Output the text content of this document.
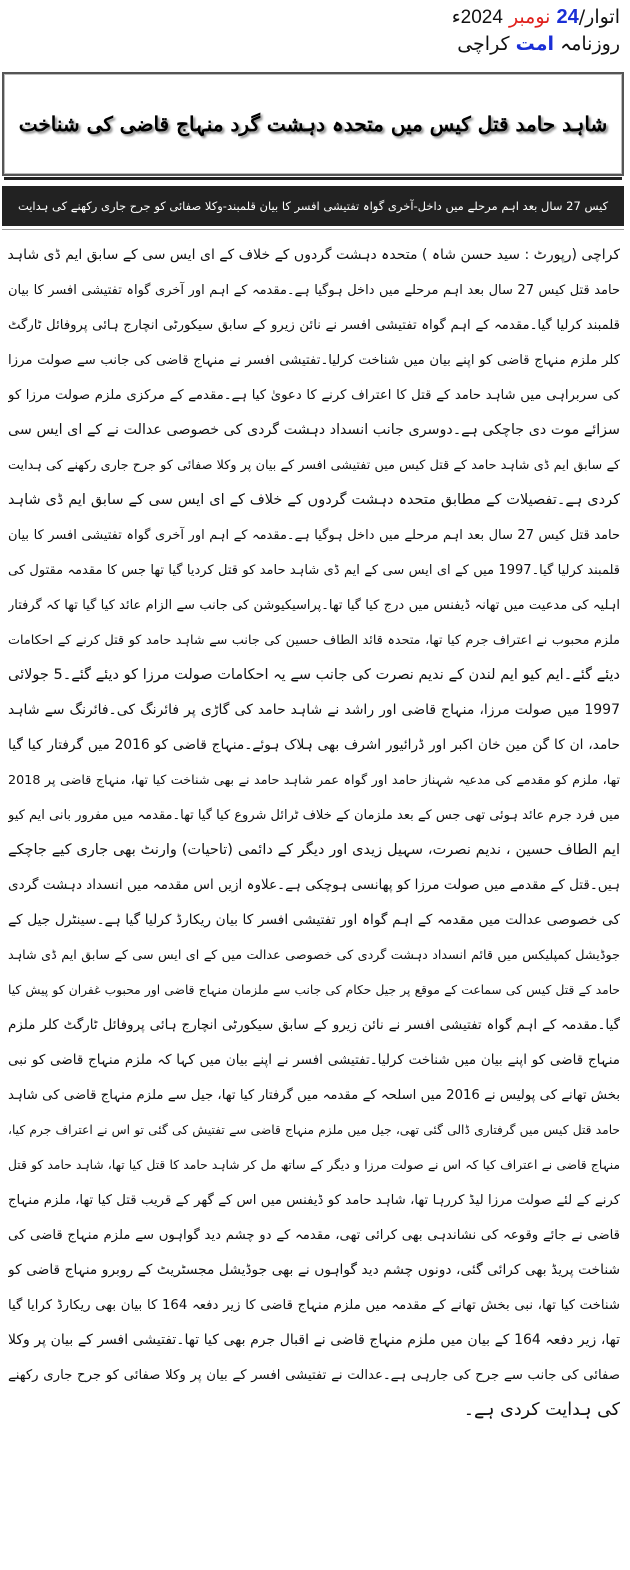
اتوار/24 نومبر 2024ء
روزنامہ امت کراچی
شاہد حامد قتل کیس میں متحدہ دہشت گرد منہاج قاضی کی شناخت
کیس 27 سال بعد اہم مرحلے میں داخل-آخری گواہ تفتیشی افسر کا بیان قلمبند-وکلا صفائی کو جرح جاری رکھنے کی ہدایت
کراچی (رپورٹ : سید حسن شاہ ) متحدہ دہشت گردوں کے خلاف کے ای ایس سی کے سابق ایم ڈی شاہد
حامد قتل کیس 27 سال بعد اہم مرحلے میں داخل ہوگیا ہے۔مقدمہ کے اہم اور آخری گواہ تفتیشی افسر کا بیان
قلمبند کرلیا گیا۔مقدمہ کے اہم گواہ تفتیشی افسر نے نائن زیرو کے سابق سیکورٹی انچارج ہائی پروفائل ٹارگٹ
کلر ملزم منہاج قاضی کو اپنے بیان میں شناخت کرلیا۔تفتیشی افسر نے منہاج قاضی کی جانب سے صولت مرزا
کی سربراہی میں شاہد حامد کے قتل کا اعتراف کرنے کا دعویٰ کیا ہے۔مقدمے کے مرکزی ملزم صولت مرزا کو
سزائے موت دی جاچکی ہے۔دوسری جانب انسداد دہشت گردی کی خصوصی عدالت نے کے ای ایس سی
کے سابق ایم ڈی شاہد حامد کے قتل کیس میں تفتیشی افسر کے بیان پر وکلا صفائی کو جرح جاری رکھنے کی ہدایت
کردی ہے۔تفصیلات کے مطابق متحدہ دہشت گردوں کے خلاف کے ای ایس سی کے سابق ایم ڈی شاہد
حامد قتل کیس 27 سال بعد اہم مرحلے میں داخل ہوگیا ہے۔مقدمہ کے اہم اور آخری گواہ تفتیشی افسر کا بیان
قلمبند کرلیا گیا۔1997 میں کے ای ایس سی کے ایم ڈی شاہد حامد کو قتل کردیا گیا تھا جس کا مقدمہ مقتول کی
اہلیہ کی مدعیت میں تھانہ ڈیفنس میں درج کیا گیا تھا۔پراسیکیوشن کی جانب سے الزام عائد کیا گیا تھا کہ گرفتار
ملزم محبوب نے اعتراف جرم کیا تھا، متحدہ قائد الطاف حسین کی جانب سے شاہد حامد کو قتل کرنے کے احکامات
دیئے گئے۔ایم کیو ایم لندن کے ندیم نصرت کی جانب سے یہ احکامات صولت مرزا کو دیئے گئے۔5 جولائی
1997 میں صولت مرزا، منہاج قاضی اور راشد نے شاہد حامد کی گاڑی پر فائرنگ کی۔فائرنگ سے شاہد
حامد، ان کا گن مین خان اکبر اور ڈرائیور اشرف بھی ہلاک ہوئے۔منہاج قاضی کو 2016 میں گرفتار کیا گیا
تھا، ملزم کو مقدمے کی مدعیہ شہناز حامد اور گواہ عمر شاہد حامد نے بھی شناخت کیا تھا، منہاج قاضی پر 2018
میں فرد جرم عائد ہوئی تھی جس کے بعد ملزمان کے خلاف ٹرائل شروع کیا گیا تھا۔مقدمہ میں مفرور بانی ایم کیو
ایم الطاف حسین ، ندیم نصرت، سہیل زیدی اور دیگر کے دائمی (تاحیات) وارنٹ بھی جاری کیے جاچکے
ہیں۔قتل کے مقدمے میں صولت مرزا کو پھانسی ہوچکی ہے۔علاوہ ازیں اس مقدمہ میں انسداد دہشت گردی
کی خصوصی عدالت میں مقدمہ کے اہم گواہ اور تفتیشی افسر کا بیان ریکارڈ کرلیا گیا ہے۔سینٹرل جیل کے
جوڈیشل کمپلیکس میں قائم انسداد دہشت گردی کی خصوصی عدالت میں کے ای ایس سی کے سابق ایم ڈی شاہد
حامد کے قتل کیس کی سماعت کے موقع پر جیل حکام کی جانب سے ملزمان منہاج قاضی اور محبوب غفران کو پیش کیا
گیا۔مقدمہ کے اہم گواہ تفتیشی افسر نے نائن زیرو کے سابق سیکورٹی انچارج ہائی پروفائل ٹارگٹ کلر ملزم
منہاج قاضی کو اپنے بیان میں شناخت کرلیا۔تفتیشی افسر نے اپنے بیان میں کہا کہ ملزم منہاج قاضی کو نبی
بخش تھانے کی پولیس نے 2016 میں اسلحہ کے مقدمہ میں گرفتار کیا تھا، جیل سے ملزم منہاج قاضی کی شاہد
حامد قتل کیس میں گرفتاری ڈالی گئی تھی، جیل میں ملزم منہاج قاضی سے تفتیش کی گئی تو اس نے اعتراف جرم کیا،
منہاج قاضی نے اعتراف کیا کہ اس نے صولت مرزا و دیگر کے ساتھ مل کر شاہد حامد کا قتل کیا تھا، شاہد حامد کو قتل
کرنے کے لئے صولت مرزا لیڈ کررہا تھا، شاہد حامد کو ڈیفنس میں اس کے گھر کے قریب قتل کیا تھا، ملزم منہاج
قاضی نے جائے وقوعہ کی نشاندہی بھی کرائی تھی، مقدمہ کے دو چشم دید گواہوں سے ملزم منہاج قاضی کی
شناخت پریڈ بھی کرائی گئی، دونوں چشم دید گواہوں نے بھی جوڈیشل مجسٹریٹ کے روبرو منہاج قاضی کو
شناخت کیا تھا، نبی بخش تھانے کے مقدمہ میں ملزم منہاج قاضی کا زیر دفعہ 164 کا بیان بھی ریکارڈ کرایا گیا
تھا، زیر دفعہ 164 کے بیان میں ملزم منہاج قاضی نے اقبال جرم بھی کیا تھا۔تفتیشی افسر کے بیان پر وکلا
صفائی کی جانب سے جرح کی جارہی ہے۔عدالت نے تفتیشی افسر کے بیان پر وکلا صفائی کو جرح جاری رکھنے
کی ہدایت کردی ہے۔
